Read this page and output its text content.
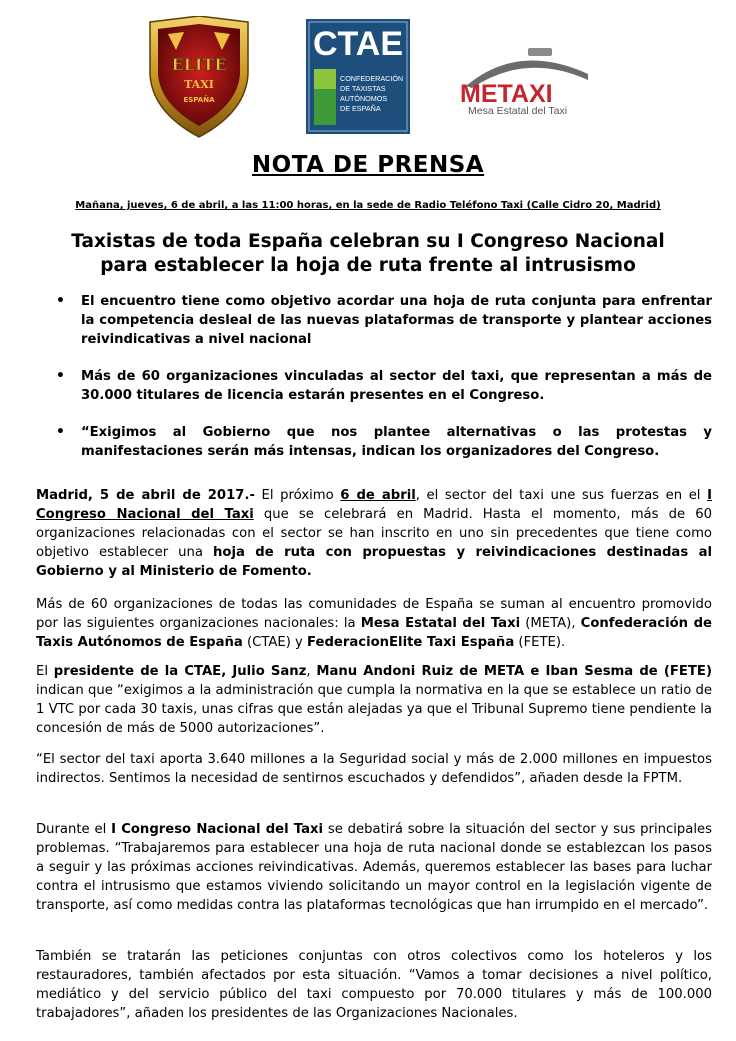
ELITE
TAXI
ESPAÑA
CTAE
CONFEDERACIÓN
DE TAXISTAS
AUTÓNOMOS
DE ESPAÑA
METAXI
Mesa Estatal del Taxi
NOTA DE PRENSA
Mañana, jueves, 6 de abril, a las 11:00 horas, en la sede de Radio Teléfono Taxi (Calle Cidro 20, Madrid)
Taxistas de toda España celebran su I Congreso Nacional
para establecer la hoja de ruta frente al intrusismo
• El encuentro tiene como objetivo acordar una hoja de ruta conjunta para enfrentar la competencia desleal de las nuevas plataformas de transporte y plantear acciones reivindicativas a nivel nacional
• Más de 60 organizaciones vinculadas al sector del taxi, que representan a más de 30.000 titulares de licencia estarán presentes en el Congreso.
• “Exigimos al Gobierno que nos plantee alternativas o las protestas y manifestaciones serán más intensas, indican los organizadores del Congreso.

Madrid, 5 de abril de 2017.- El próximo 6 de abril, el sector del taxi une sus fuerzas en el I Congreso Nacional del Taxi que se celebrará en Madrid. Hasta el momento, más de 60 organizaciones relacionadas con el sector se han inscrito en uno sin precedentes que tiene como objetivo establecer una hoja de ruta con propuestas y reivindicaciones destinadas al Gobierno y al Ministerio de Fomento.

Más de 60 organizaciones de todas las comunidades de España se suman al encuentro promovido por las siguientes organizaciones nacionales: la Mesa Estatal del Taxi (META), Confederación de Taxis Autónomos de España (CTAE) y FederacionElite Taxi España (FETE).

El presidente de la CTAE, Julio Sanz, Manu Andoni Ruiz de META e Iban Sesma de (FETE) indican que “exigimos a la administración que cumpla la normativa en la que se establece un ratio de 1 VTC por cada 30 taxis, unas cifras que están alejadas ya que el Tribunal Supremo tiene pendiente la concesión de más de 5000 autorizaciones”.

“El sector del taxi aporta 3.640 millones a la Seguridad social y más de 2.000 millones en impuestos indirectos. Sentimos la necesidad de sentirnos escuchados y defendidos”, añaden desde la FPTM.

Durante el I Congreso Nacional del Taxi se debatirá sobre la situación del sector y sus principales problemas. “Trabajaremos para establecer una hoja de ruta nacional donde se establezcan los pasos a seguir y las próximas acciones reivindicativas. Además, queremos establecer las bases para luchar contra el intrusismo que estamos viviendo solicitando un mayor control en la legislación vigente de transporte, así como medidas contra las plataformas tecnológicas que han irrumpido en el mercado”.

También se tratarán las peticiones conjuntas con otros colectivos como los hoteleros y los restauradores, también afectados por esta situación. “Vamos a tomar decisiones a nivel político, mediático y del servicio público del taxi compuesto por 70.000 titulares y más de 100.000 trabajadores”, añaden los presidentes de las Organizaciones Nacionales.
